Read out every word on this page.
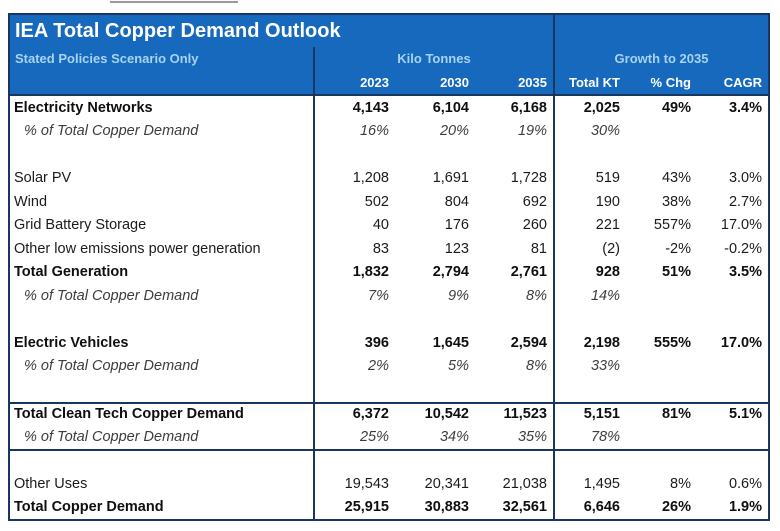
IEA Total Copper Demand Outlook
Stated Policies Scenario Only	Kilo Tonnes	Growth to 2035
2023	2030	2035	Total KT	% Chg	CAGR
Electricity Networks	4,143	6,104	6,168	2,025	49%	3.4%
% of Total Copper Demand	16%	20%	19%	30%
Solar PV	1,208	1,691	1,728	519	43%	3.0%
Wind	502	804	692	190	38%	2.7%
Grid Battery Storage	40	176	260	221	557%	17.0%
Other low emissions power generation	83	123	81	(2)	-2%	-0.2%
Total Generation	1,832	2,794	2,761	928	51%	3.5%
% of Total Copper Demand	7%	9%	8%	14%
Electric Vehicles	396	1,645	2,594	2,198	555%	17.0%
% of Total Copper Demand	2%	5%	8%	33%
Total Clean Tech Copper Demand	6,372	10,542	11,523	5,151	81%	5.1%
% of Total Copper Demand	25%	34%	35%	78%
Other Uses	19,543	20,341	21,038	1,495	8%	0.6%
Total Copper Demand	25,915	30,883	32,561	6,646	26%	1.9%
